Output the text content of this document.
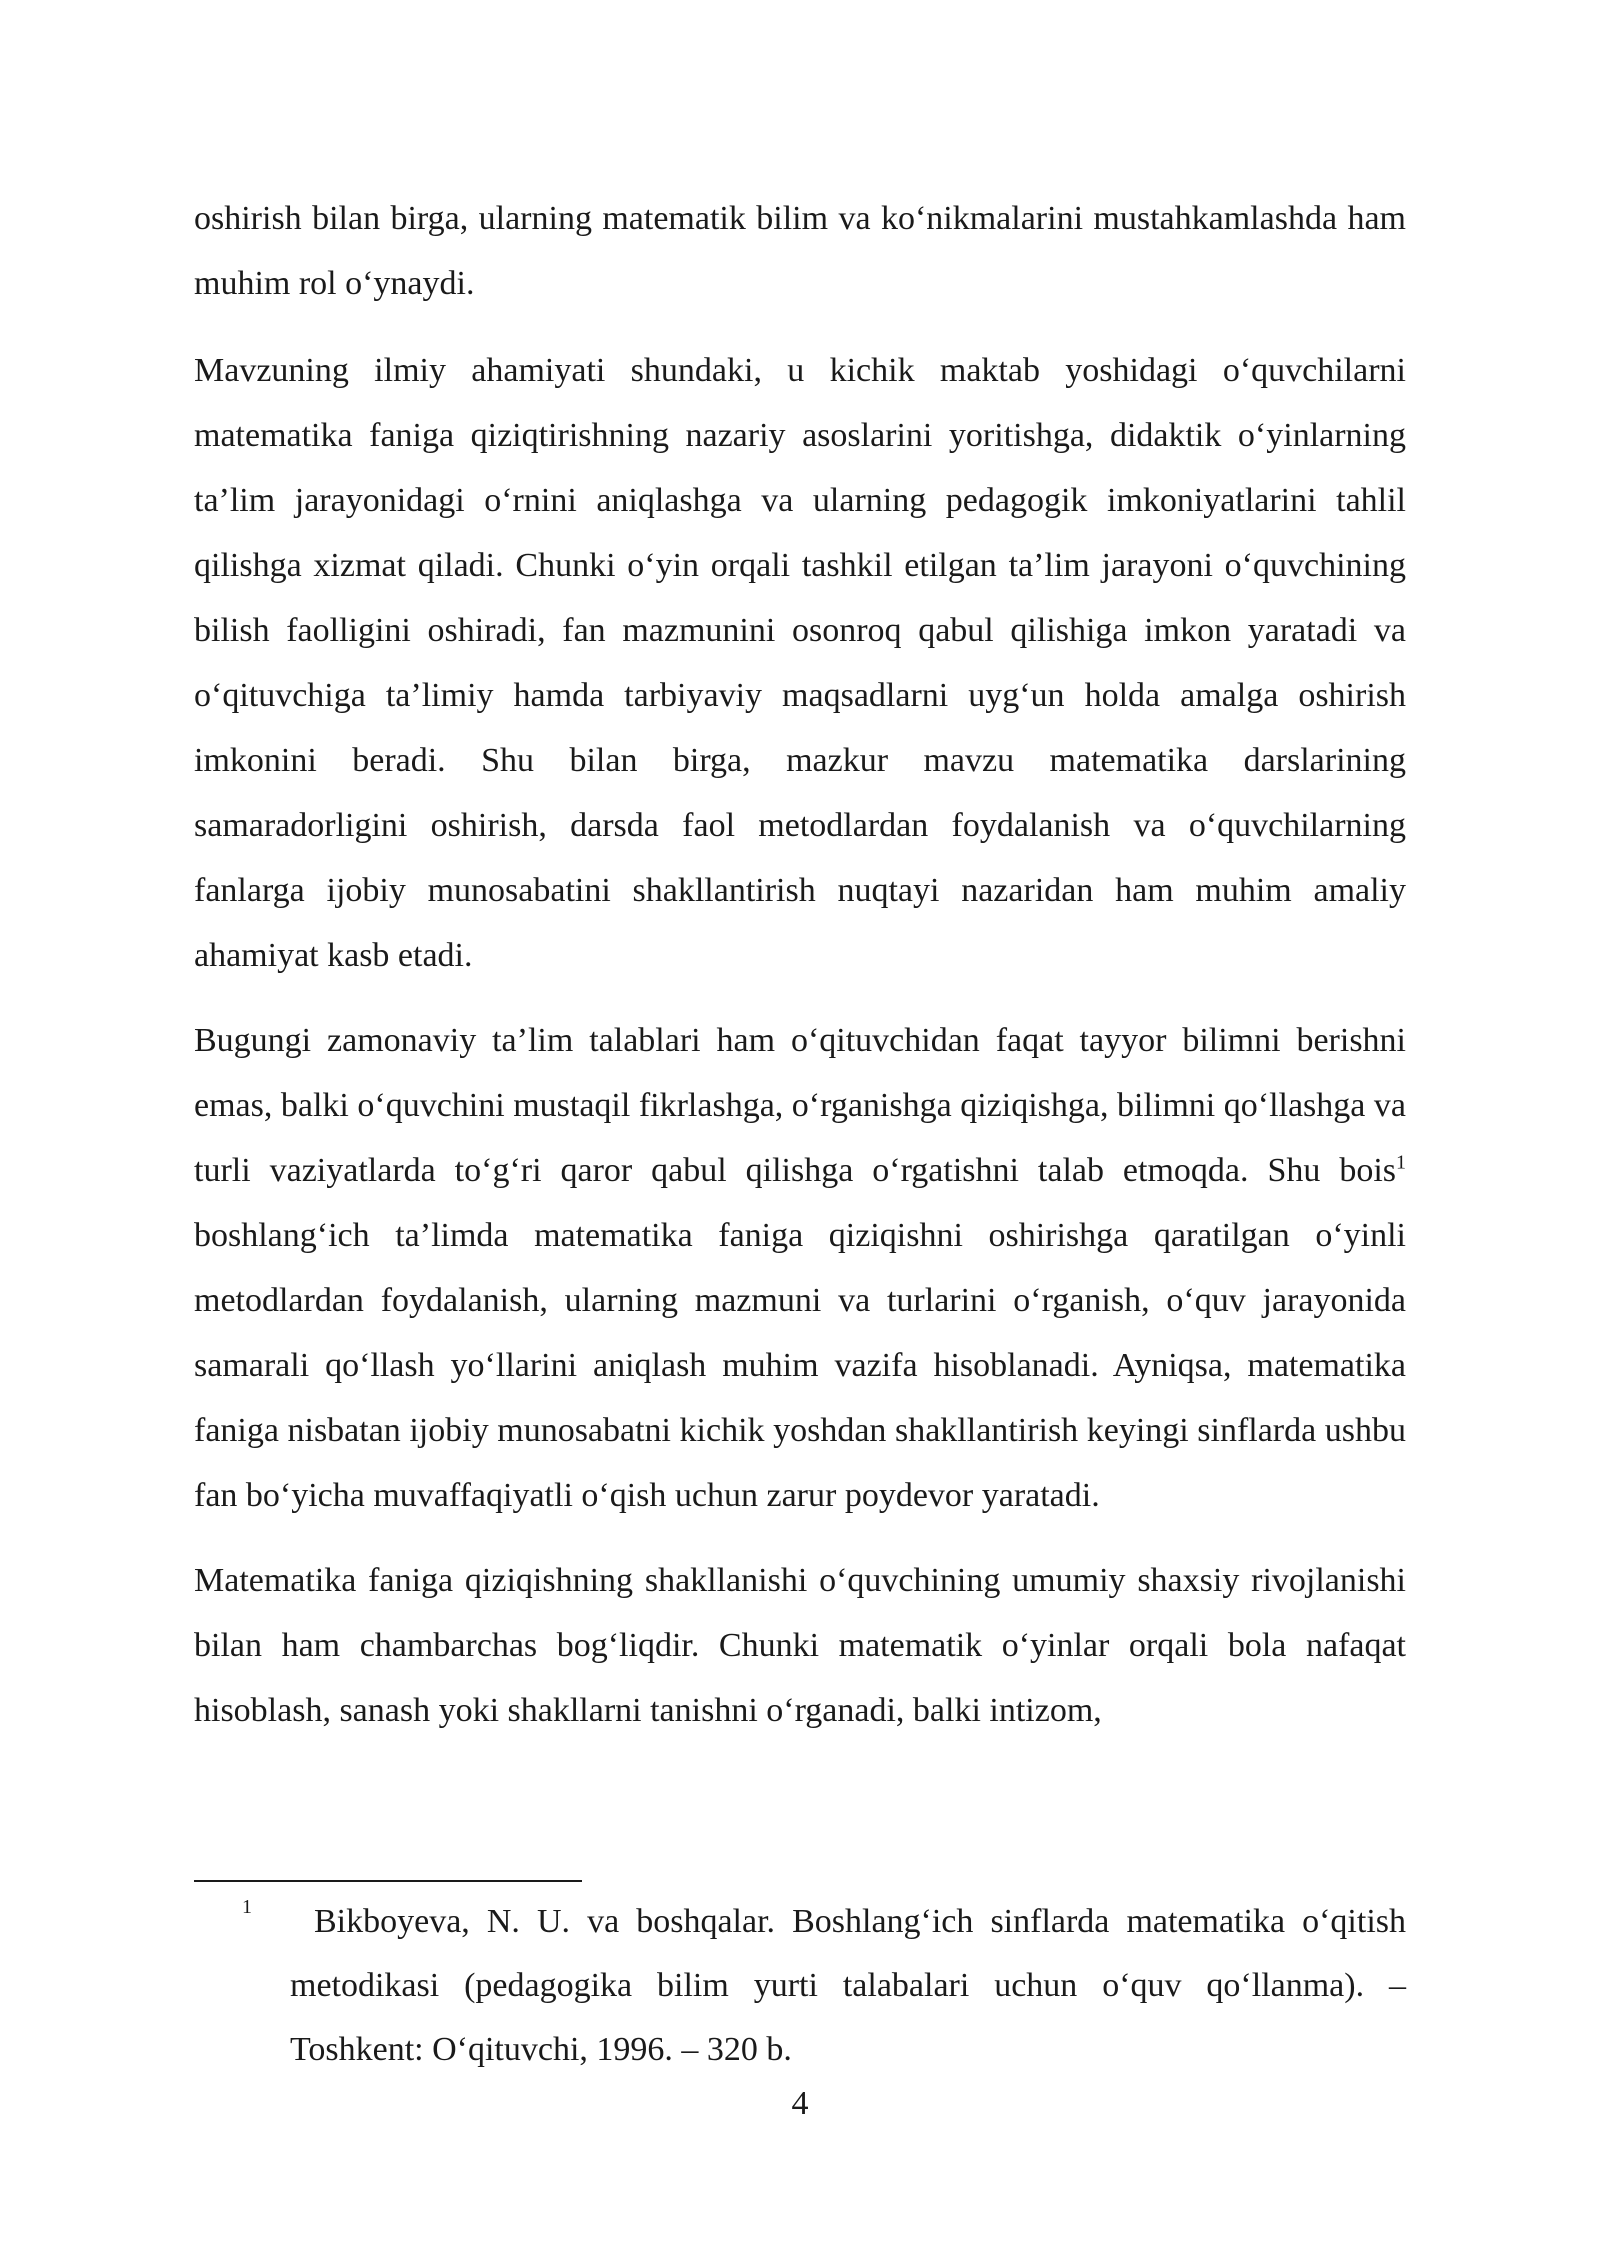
oshirish bilan birga, ularning matematik bilim va ko‘nikmalarini mustahkamlashda ham muhim rol o‘ynaydi.

Mavzuning ilmiy ahamiyati shundaki, u kichik maktab yoshidagi o‘quvchilarni matematika faniga qiziqtirishning nazariy asoslarini yoritishga, didaktik o‘yinlarning ta’lim jarayonidagi o‘rnini aniqlashga va ularning pedagogik imkoniyatlarini tahlil qilishga xizmat qiladi. Chunki o‘yin orqali tashkil etilgan ta’lim jarayoni o‘quvchining bilish faolligini oshiradi, fan mazmunini osonroq qabul qilishiga imkon yaratadi va o‘qituvchiga ta’limiy hamda tarbiyaviy maqsadlarni uyg‘un holda amalga oshirish imkonini beradi. Shu bilan birga, mazkur mavzu matematika darslarining samaradorligini oshirish, darsda faol metodlardan foydalanish va o‘quvchilarning fanlarga ijobiy munosabatini shakllantirish nuqtayi nazaridan ham muhim amaliy ahamiyat kasb etadi.

Bugungi zamonaviy ta’lim talablari ham o‘qituvchidan faqat tayyor bilimni berishni emas, balki o‘quvchini mustaqil fikrlashga, o‘rganishga qiziqishga, bilimni qo‘llashga va turli vaziyatlarda to‘g‘ri qaror qabul qilishga o‘rgatishni talab etmoqda. Shu bois$^1$ boshlang‘ich ta’limda matematika faniga qiziqishni oshirishga qaratilgan o‘yinli metodlardan foydalanish, ularning mazmuni va turlarini o‘rganish, o‘quv jarayonida samarali qo‘llash yo‘llarini aniqlash muhim vazifa hisoblanadi. Ayniqsa, matematika faniga nisbatan ijobiy munosabatni kichik yoshdan shakllantirish keyingi sinflarda ushbu fan bo‘yicha muvaffaqiyatli o‘qish uchun zarur poydevor yaratadi.

Matematika faniga qiziqishning shakllanishi o‘quvchining umumiy shaxsiy rivojlanishi bilan ham chambarchas bog‘liqdir. Chunki matematik o‘yinlar orqali bola nafaqat hisoblash, sanash yoki shakllarni tanishni o‘rganadi, balki intizom,

1	Bikboyeva, N. U. va boshqalar. Boshlang‘ich sinflarda matematika o‘qitish metodikasi (pedagogika bilim yurti talabalari uchun o‘quv qo‘llanma). – Toshkent: O‘qituvchi, 1996. – 320 b.

4
